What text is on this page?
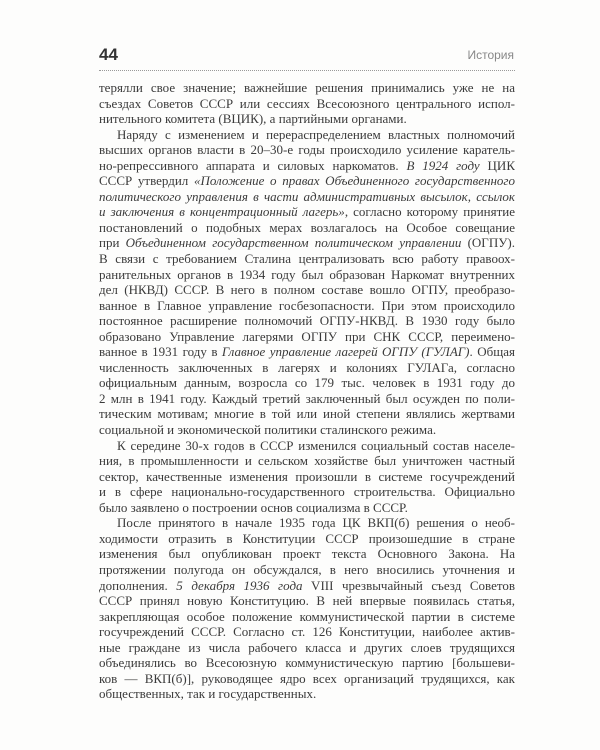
44	История
терялли свое значение; важнейшие решения принимались уже не на
съездах Советов СССР или сессиях Всесоюзного центрального испол-
нительного комитета (ВЦИК), а партийными органами.
Наряду с изменением и перераспределением властных полномочий
высших органов власти в 20–30-е годы происходило усиление каратель-
но-репрессивного аппарата и силовых наркоматов. В 1924 году ЦИК
СССР утвердил «Положение о правах Объединенного государственного
политического управления в части административных высылок, ссылок
и заключения в концентрационный лагерь», согласно которому принятие
постановлений о подобных мерах возлагалось на Особое совещание
при Объединенном государственном политическом управлении (ОГПУ).
В связи с требованием Сталина централизовать всю работу правоох-
ранительных органов в 1934 году был образован Наркомат внутренних
дел (НКВД) СССР. В него в полном составе вошло ОГПУ, преобразо-
ванное в Главное управление госбезопасности. При этом происходило
постоянное расширение полномочий ОГПУ-НКВД. В 1930 году было
образовано Управление лагерями ОГПУ при СНК СССР, переименo-
ванное в 1931 году в Главное управление лагерей ОГПУ (ГУЛАГ). Общая
численность заключенных в лагерях и колониях ГУЛАГа, согласно
официальным данным, возросла со 179 тыс. человек в 1931 году до
2 млн в 1941 году. Каждый третий заключенный был осужден по поли-
тическим мотивам; многие в той или иной степени являлись жертвами
социальной и экономической политики сталинского режима.
К середине 30-х годов в СССР изменился социальный состав населе-
ния, в промышленности и сельском хозяйстве был уничтожен частный
сектор, качественные изменения произошли в системе госучреждений
и в сфере национально-государственного строительства. Официально
было заявлено о построении основ социализма в СССР.
После принятого в начале 1935 года ЦК ВКП(б) решения о необ-
ходимости отразить в Конституции СССР произошедшие в стране
изменения был опубликован проект текста Основного Закона. На
протяжении полугода он обсуждался, в него вносились уточнения и
дополнения. 5 декабря 1936 года VIII чрезвычайный съезд Советов
СССР принял новую Конституцию. В ней впервые появилась статья,
закрепляющая особое положение коммунистической партии в системе
госучреждений СССР. Согласно ст. 126 Конституции, наиболее актив-
ные граждане из числа рабочего класса и других слоев трудящихся
объединялись во Всесоюзную коммунистическую партию [большеви-
ков — ВКП(б)], руководящее ядро всех организаций трудящихся, как
общественных, так и государственных.
